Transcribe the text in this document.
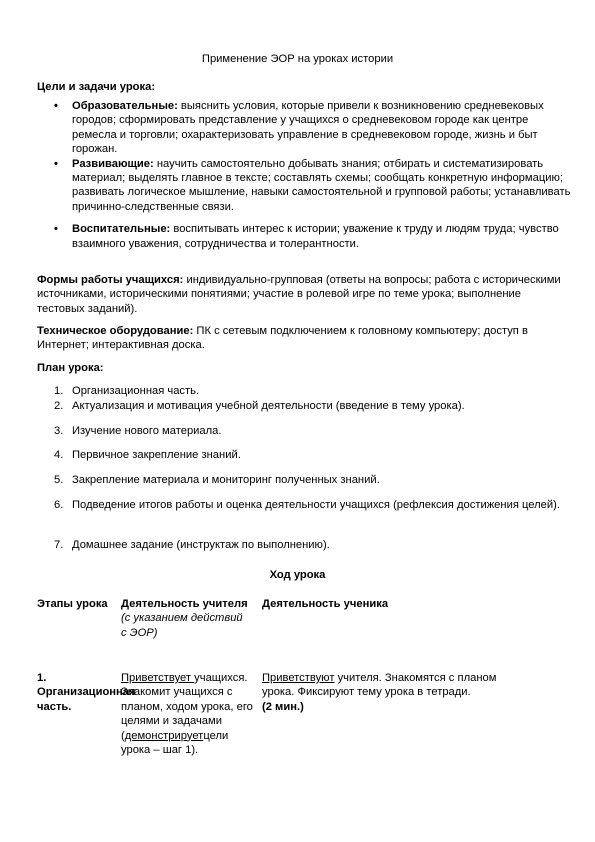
Применение ЭОР на уроках истории
Цели и задачи урока:
• Образовательные: выяснить условия, которые привели к возникновению средневековых городов; сформировать представление у учащихся о средневековом городе как центре ремесла и торговли; охарактеризовать управление в средневековом городе, жизнь и быт горожан.
• Развивающие: научить самостоятельно добывать знания; отбирать и систематизировать материал; выделять главное в тексте; составлять схемы; сообщать конкретную информацию; развивать логическое мышление, навыки самостоятельной и групповой работы; устанавливать причинно-следственные связи.
• Воспитательные: воспитывать интерес к истории; уважение к труду и людям труда; чувство взаимного уважения, сотрудничества и толерантности.
Формы работы учащихся: индивидуально-групповая (ответы на вопросы; работа с историческими источниками, историческими понятиями; участие в ролевой игре по теме урока; выполнение тестовых заданий).
Техническое оборудование: ПК с сетевым подключением к головному компьютеру; доступ в Интернет; интерактивная доска.
План урока:
1. Организационная часть.
2. Актуализация и мотивация учебной деятельности (введение в тему урока).
3. Изучение нового материала.
4. Первичное закрепление знаний.
5. Закрепление материала и мониторинг полученных знаний.
6. Подведение итогов работы и оценка деятельности учащихся (рефлексия достижения целей).
7. Домашнее задание (инструктаж по выполнению).
Ход урока
Этапы урока	Деятельность учителя
(с указанием действий с ЭОР)
Деятельность ученика
1. Организационная часть.
Приветствует учащихся. Знакомит учащихся с планом, ходом урока, его целями и задачами (демонстрируетцели урока – шаг 1).
Приветствуют учителя. Знакомятся с планом урока. Фиксируют тему урока в тетради.
(2 мин.)
